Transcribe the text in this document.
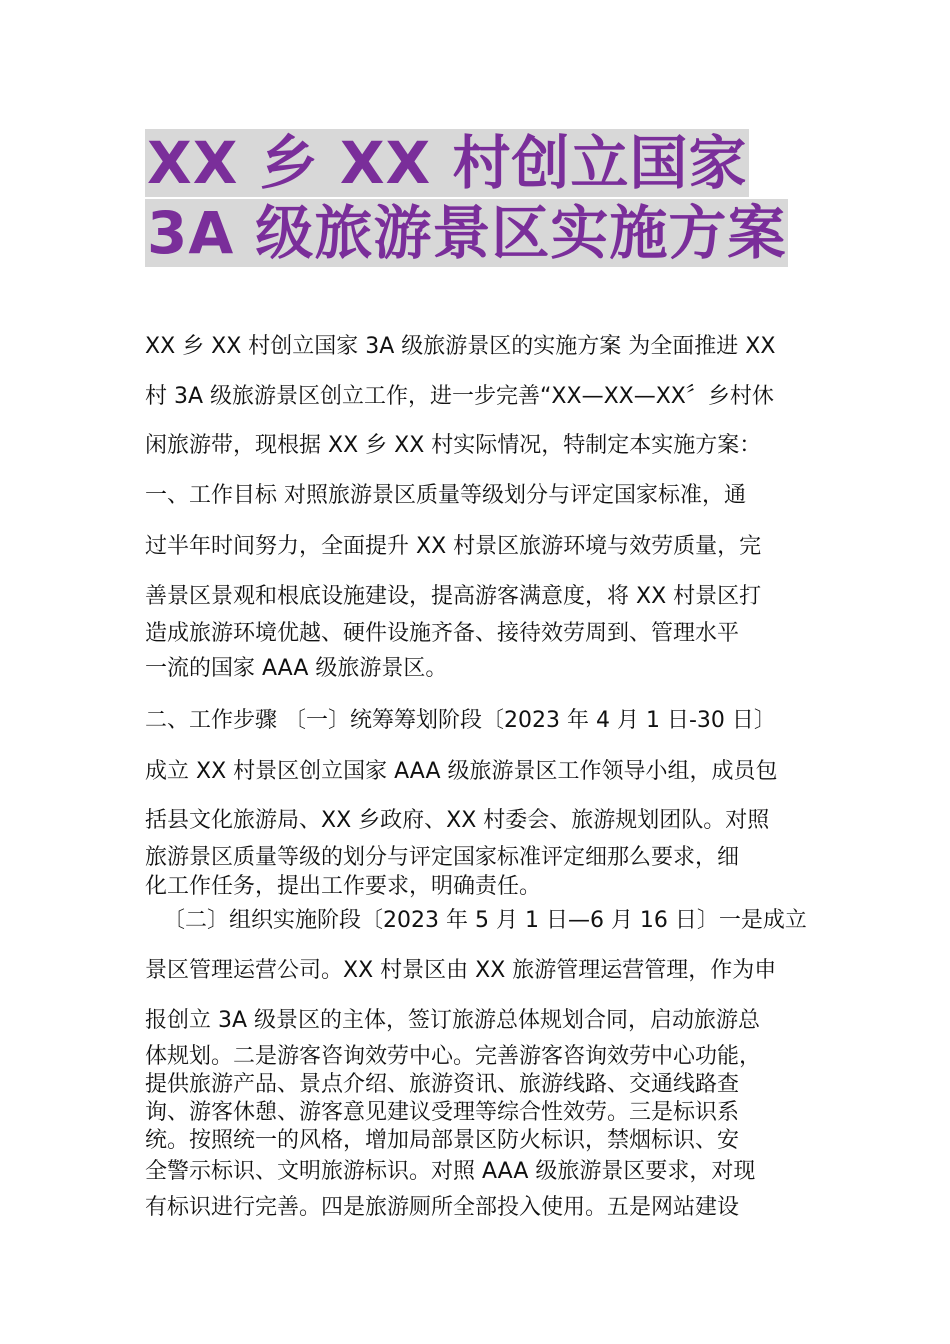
XX 乡 XX 村创立国家 3A 级旅游景区实施方案
XX 乡 XX 村创立国家 3A 级旅游景区的实施方案 为全面推进 XX
村 3A 级旅游景区创立工作，进一步完善“XX—XX—XX〞乡村休
闲旅游带，现根据 XX 乡 XX 村实际情况，特制定本实施方案：
一、工作目标 对照旅游景区质量等级划分与评定国家标准，通
过半年时间努力，全面提升 XX 村景区旅游环境与效劳质量，完
善景区景观和根底设施建设，提高游客满意度，将 XX 村景区打
造成旅游环境优越、硬件设施齐备、接待效劳周到、管理水平
一流的国家 AAA 级旅游景区。
二、工作步骤 〔一〕统筹筹划阶段〔2023 年 4 月 1 日-30 日〕
成立 XX 村景区创立国家 AAA 级旅游景区工作领导小组，成员包
括县文化旅游局、XX 乡政府、XX 村委会、旅游规划团队。对照
旅游景区质量等级的划分与评定国家标准评定细那么要求，细
化工作任务，提出工作要求，明确责任。
〔二〕组织实施阶段〔2023 年 5 月 1 日—6 月 16 日〕一是成立
景区管理运营公司。XX 村景区由 XX 旅游管理运营管理，作为申
报创立 3A 级景区的主体，签订旅游总体规划合同，启动旅游总
体规划。二是游客咨询效劳中心。完善游客咨询效劳中心功能，
提供旅游产品、景点介绍、旅游资讯、旅游线路、交通线路查
询、游客休憩、游客意见建议受理等综合性效劳。三是标识系
统。按照统一的风格，增加局部景区防火标识，禁烟标识、安
全警示标识、文明旅游标识。对照 AAA 级旅游景区要求，对现
有标识进行完善。四是旅游厕所全部投入使用。五是网站建设
